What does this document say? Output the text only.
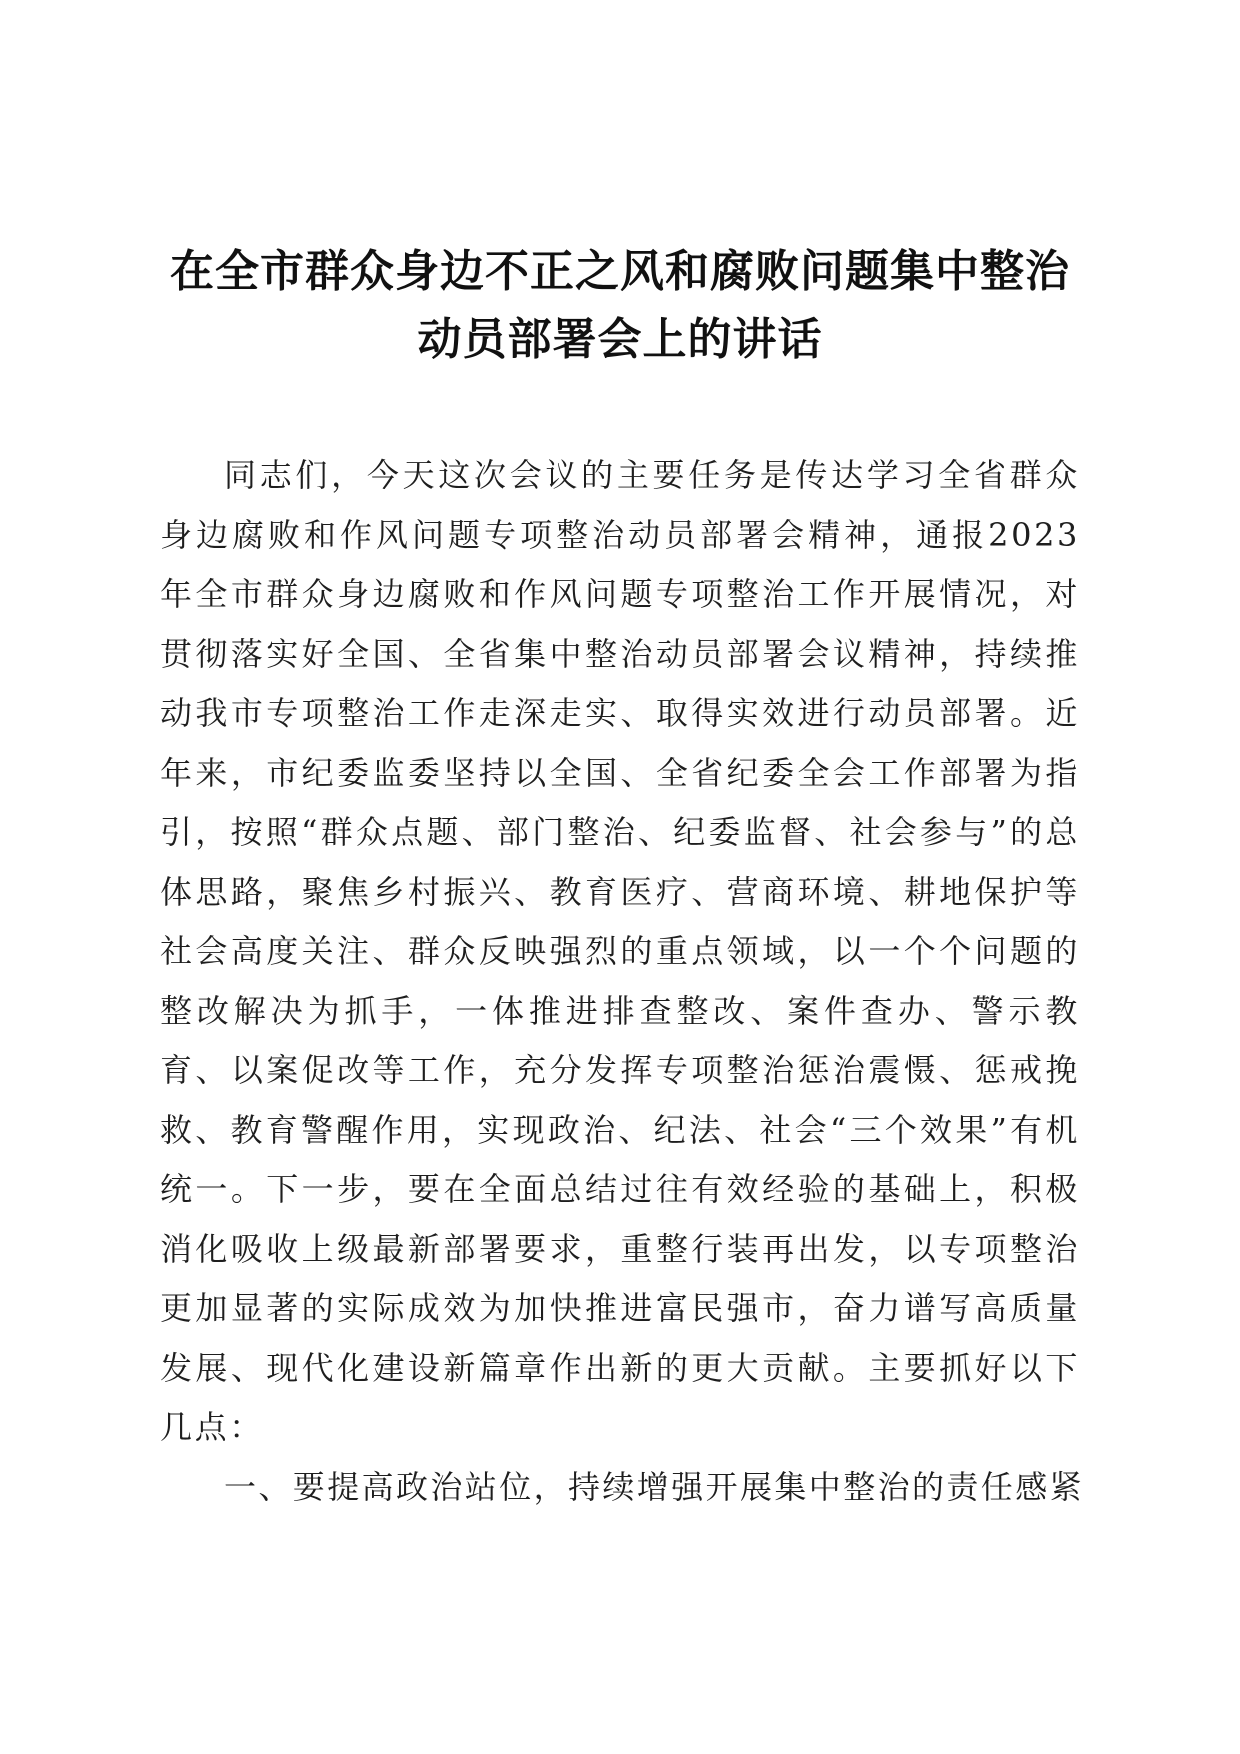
在全市群众身边不正之风和腐败问题集中整治
动员部署会上的讲话

同志们，今天这次会议的主要任务是传达学习全省群众身边腐败和作风问题专项整治动员部署会精神，通报2023年全市群众身边腐败和作风问题专项整治工作开展情况，对贯彻落实好全国、全省集中整治动员部署会议精神，持续推动我市专项整治工作走深走实、取得实效进行动员部署。近年来，市纪委监委坚持以全国、全省纪委全会工作部署为指引，按照“群众点题、部门整治、纪委监督、社会参与”的总体思路，聚焦乡村振兴、教育医疗、营商环境、耕地保护等社会高度关注、群众反映强烈的重点领域，以一个个问题的整改解决为抓手，一体推进排查整改、案件查办、警示教育、以案促改等工作，充分发挥专项整治惩治震慑、惩戒挽救、教育警醒作用，实现政治、纪法、社会“三个效果”有机统一。下一步，要在全面总结过往有效经验的基础上，积极消化吸收上级最新部署要求，重整行装再出发，以专项整治更加显著的实际成效为加快推进富民强市，奋力谱写高质量发展、现代化建设新篇章作出新的更大贡献。主要抓好以下几点：

一、要提高政治站位，持续增强开展集中整治的责任感紧
